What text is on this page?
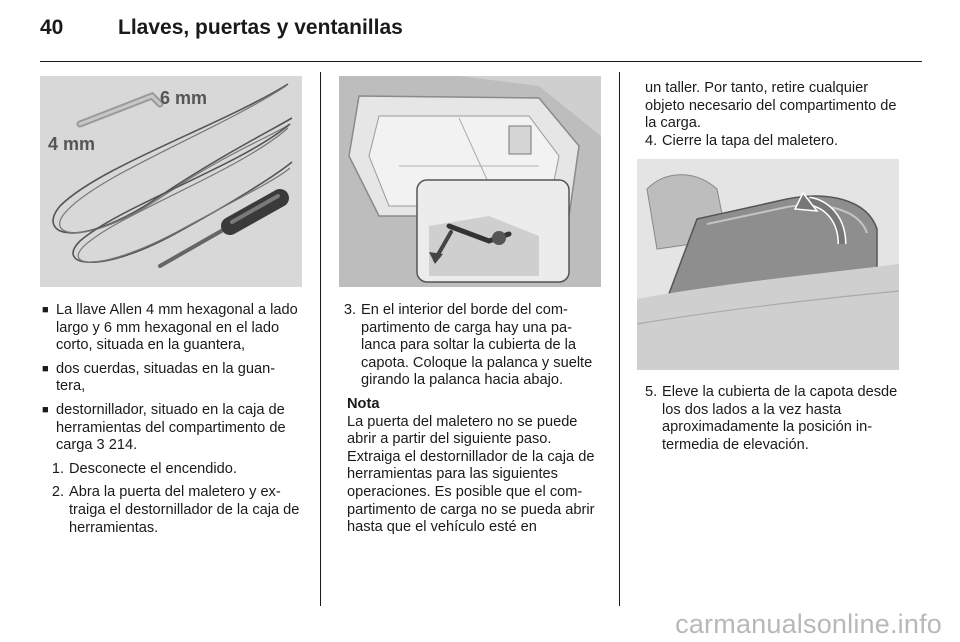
40	Llaves, puertas y ventanillas
6 mm
4 mm
■ La llave Allen 4 mm hexagonal a lado largo y 6 mm hexagonal en el lado corto, situada en la guantera,
■ dos cuerdas, situadas en la guan-tera,
■ destornillador, situado en la caja de herramientas del compartimento de carga 3 214.
1. Desconecte el encendido.
2. Abra la puerta del maletero y ex-traiga el destornillador de la caja de herramientas.
3. En el interior del borde del com-partimento de carga hay una pa-lanca para soltar la cubierta de la capota. Coloque la palanca y suelte girando la palanca hacia abajo.

Nota

La puerta del maletero no se puede abrir a partir del siguiente paso.

Extraiga el destornillador de la caja de herramientas para las siguientes operaciones. Es posible que el com-partimento de carga no se pueda abrir hasta que el vehículo esté en

un taller. Por tanto, retire cualquier objeto necesario del compartimento de la carga.

4. Cierre la tapa del maletero.
5. Eleve la cubierta de la capota desde los dos lados a la vez hasta aproximadamente la posición in-termedia de elevación.
carmanualsonline.info
